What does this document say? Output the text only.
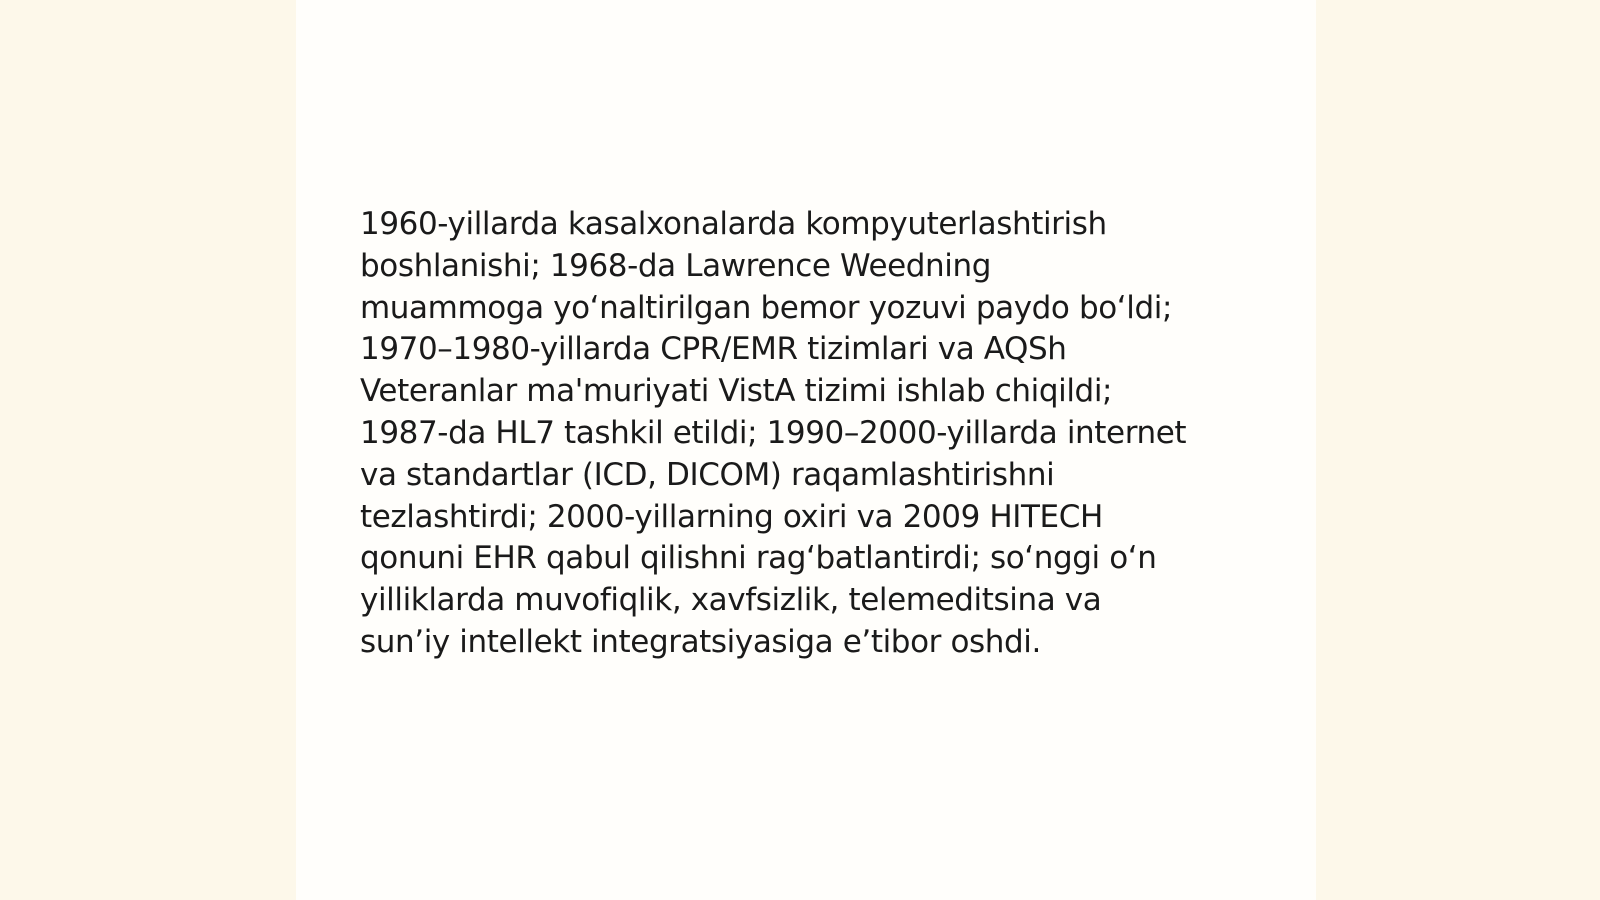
1960-yillarda kasalxonalarda kompyuterlashtirish
boshlanishi; 1968-da Lawrence Weedning
muammoga yo‘naltirilgan bemor yozuvi paydo bo‘ldi;
1970–1980-yillarda CPR/EMR tizimlari va AQSh
Veteranlar ma'muriyati VistA tizimi ishlab chiqildi;
1987-da HL7 tashkil etildi; 1990–2000-yillarda internet
va standartlar (ICD, DICOM) raqamlashtirishni
tezlashtirdi; 2000-yillarning oxiri va 2009 HITECH
qonuni EHR qabul qilishni rag‘batlantirdi; so‘nggi o‘n
yilliklarda muvofiqlik, xavfsizlik, telemeditsina va
sun’iy intellekt integratsiyasiga e’tibor oshdi.
